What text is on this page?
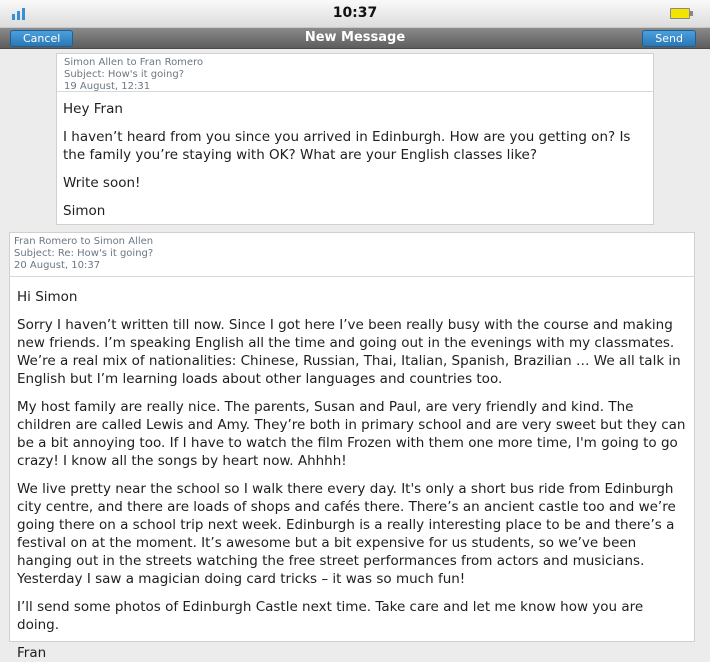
10:37
Cancel	New Message	Send
Simon Allen to Fran Romero
Subject: How's it going?
19 August, 12:31

Hey Fran

I haven’t heard from you since you arrived in Edinburgh. How are you getting on? Is the family you’re staying with OK? What are your English classes like?

Write soon!

Simon

Fran Romero to Simon Allen
Subject: Re: How's it going?
20 August, 10:37

Hi Simon

Sorry I haven’t written till now. Since I got here I’ve been really busy with the course and making new friends. I’m speaking English all the time and going out in the evenings with my classmates. We’re a real mix of nationalities: Chinese, Russian, Thai, Italian, Spanish, Brazilian … We all talk in English but I’m learning loads about other languages and countries too.

My host family are really nice. The parents, Susan and Paul, are very friendly and kind. The children are called Lewis and Amy. They’re both in primary school and are very sweet but they can be a bit annoying too. If I have to watch the film Frozen with them one more time, I'm going to go crazy! I know all the songs by heart now. Ahhhh!

We live pretty near the school so I walk there every day. It's only a short bus ride from Edinburgh city centre, and there are loads of shops and cafés there. There’s an ancient castle too and we’re going there on a school trip next week. Edinburgh is a really interesting place to be and there’s a festival on at the moment. It’s awesome but a bit expensive for us students, so we’ve been hanging out in the streets watching the free street performances from actors and musicians. Yesterday I saw a magician doing card tricks – it was so much fun!

I’ll send some photos of Edinburgh Castle next time. Take care and let me know how you are doing.

Fran
